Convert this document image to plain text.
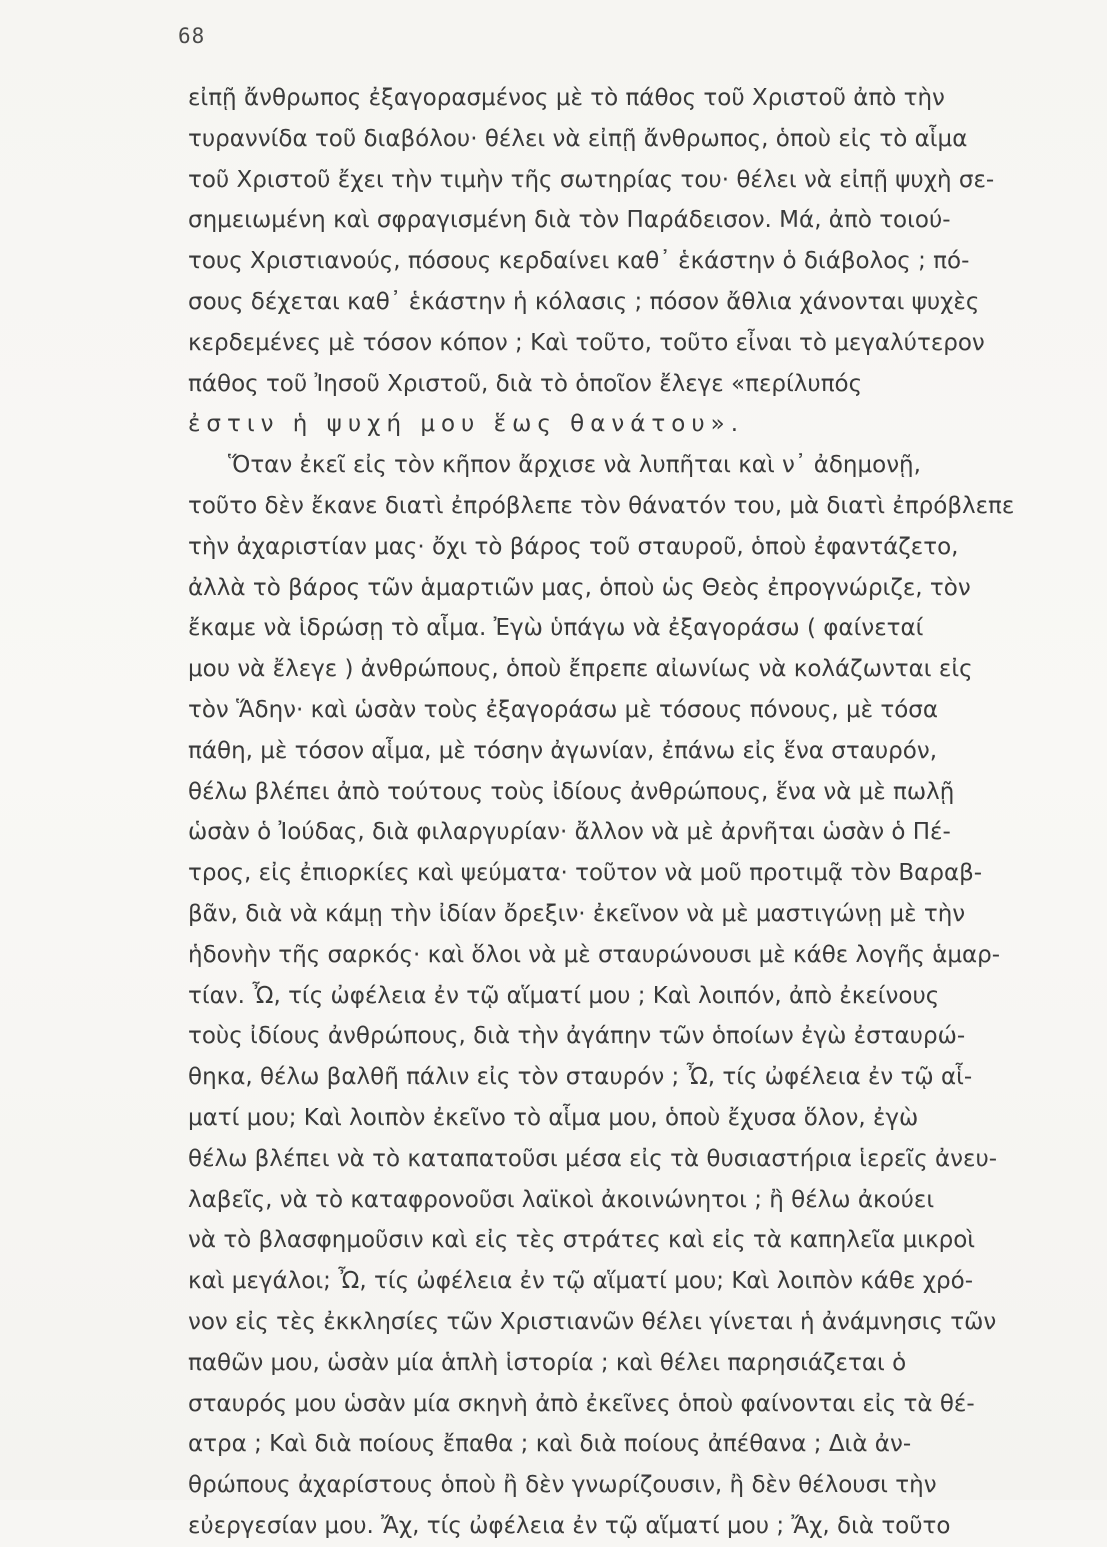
68
εἰπῇ ἄνθρωπος ἐξαγορασμένος μὲ τὸ πάθος τοῦ Χριστοῦ ἀπὸ τὴν
τυραννίδα τοῦ διαβόλου· θέλει νὰ εἰπῇ ἄνθρωπος, ὁποὺ εἰς τὸ αἷμα
τοῦ Χριστοῦ ἔχει τὴν τιμὴν τῆς σωτηρίας του· θέλει νὰ εἰπῇ ψυχὴ σε-
σημειωμένη καὶ σφραγισμένη διὰ τὸν Παράδεισον. Μά, ἀπὸ τοιού-
τους Χριστιανούς, πόσους κερδαίνει καθ᾽ ἑκάστην ὁ διάβολος ; πό-
σους δέχεται καθ᾽ ἑκάστην ἡ κόλασις ; πόσον ἄθλια χάνονται ψυχὲς
κερδεμένες μὲ τόσον κόπον ; Καὶ τοῦτο, τοῦτο εἶναι τὸ μεγαλύτερον
πάθος τοῦ Ἰησοῦ Χριστοῦ, διὰ τὸ ὁποῖον ἔλεγε «περίλυπός
ἐστιν ἡ ψυχή μου ἕως θανάτου».
Ὅταν ἐκεῖ εἰς τὸν κῆπον ἄρχισε νὰ λυπῆται καὶ ν᾽ ἀδημονῇ,
τοῦτο δὲν ἔκανε διατὶ ἐπρόβλεπε τὸν θάνατόν του, μὰ διατὶ ἐπρόβλεπε
τὴν ἀχαριστίαν μας· ὄχι τὸ βάρος τοῦ σταυροῦ, ὁποὺ ἐφαντάζετο,
ἀλλὰ τὸ βάρος τῶν ἁμαρτιῶν μας, ὁποὺ ὡς Θεὸς ἐπρογνώριζε, τὸν
ἔκαμε νὰ ἱδρώσῃ τὸ αἷμα. Ἐγὼ ὑπάγω νὰ ἐξαγοράσω ( φαίνεταί
μου νὰ ἔλεγε ) ἀνθρώπους, ὁποὺ ἔπρεπε αἰωνίως νὰ κολάζωνται εἰς
τὸν Ἅδην· καὶ ὡσὰν τοὺς ἐξαγοράσω μὲ τόσους πόνους, μὲ τόσα
πάθη, μὲ τόσον αἷμα, μὲ τόσην ἀγωνίαν, ἐπάνω εἰς ἕνα σταυρόν,
θέλω βλέπει ἀπὸ τούτους τοὺς ἰδίους ἀνθρώπους, ἕνα νὰ μὲ πωλῇ
ὡσὰν ὁ Ἰούδας, διὰ φιλαργυρίαν· ἄλλον νὰ μὲ ἀρνῆται ὡσὰν ὁ Πέ-
τρος, εἰς ἐπιορκίες καὶ ψεύματα· τοῦτον νὰ μοῦ προτιμᾷ τὸν Βαραβ-
βᾶν, διὰ νὰ κάμῃ τὴν ἰδίαν ὄρεξιν· ἐκεῖνον νὰ μὲ μαστιγώνῃ μὲ τὴν
ἡδονὴν τῆς σαρκός· καὶ ὅλοι νὰ μὲ σταυρώνουσι μὲ κάθε λογῆς ἁμαρ-
τίαν. Ὦ, τίς ὠφέλεια ἐν τῷ αἵματί μου ; Καὶ λοιπόν, ἀπὸ ἐκείνους
τοὺς ἰδίους ἀνθρώπους, διὰ τὴν ἀγάπην τῶν ὁποίων ἐγὼ ἐσταυρώ-
θηκα, θέλω βαλθῆ πάλιν εἰς τὸν σταυρόν ; Ὦ, τίς ὠφέλεια ἐν τῷ αἷ-
ματί μου; Καὶ λοιπὸν ἐκεῖνο τὸ αἷμα μου, ὁποὺ ἔχυσα ὅλον, ἐγὼ
θέλω βλέπει νὰ τὸ καταπατοῦσι μέσα εἰς τὰ θυσιαστήρια ἱερεῖς ἀνευ-
λαβεῖς, νὰ τὸ καταφρονοῦσι λαϊκοὶ ἀκοινώνητοι ; ἢ θέλω ἀκούει
νὰ τὸ βλασφημοῦσιν καὶ εἰς τὲς στράτες καὶ εἰς τὰ καπηλεῖα μικροὶ
καὶ μεγάλοι; Ὦ, τίς ὠφέλεια ἐν τῷ αἵματί μου; Καὶ λοιπὸν κάθε χρό-
νον εἰς τὲς ἐκκλησίες τῶν Χριστιανῶν θέλει γίνεται ἡ ἀνάμνησις τῶν
παθῶν μου, ὡσὰν μία ἁπλὴ ἱστορία ; καὶ θέλει παρησιάζεται ὁ
σταυρός μου ὡσὰν μία σκηνὴ ἀπὸ ἐκεῖνες ὁποὺ φαίνονται εἰς τὰ θέ-
ατρα ; Καὶ διὰ ποίους ἔπαθα ; καὶ διὰ ποίους ἀπέθανα ; Διὰ ἀν-
θρώπους ἀχαρίστους ὁποὺ ἢ δὲν γνωρίζουσιν, ἢ δὲν θέλουσι τὴν
εὐεργεσίαν μου. Ἄχ, τίς ὠφέλεια ἐν τῷ αἵματί μου ; Ἄχ, διὰ τοῦτο
